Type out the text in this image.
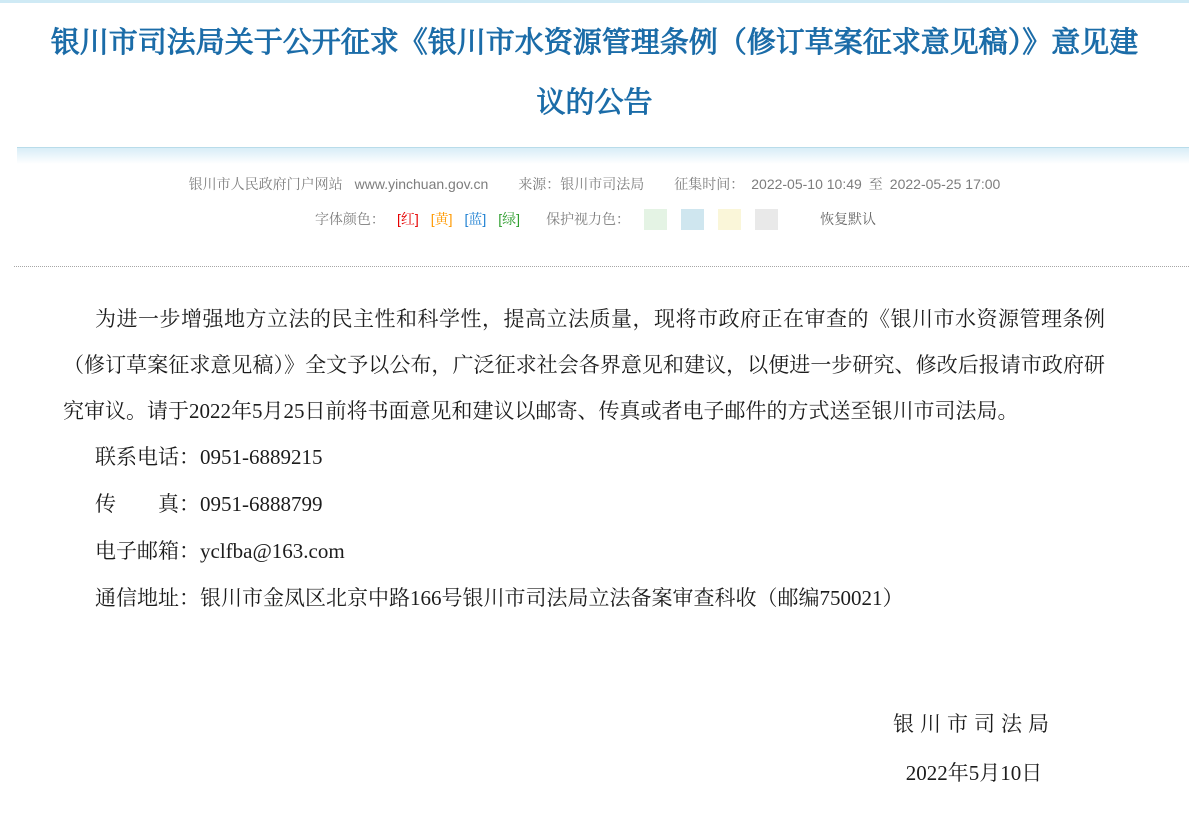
银川市司法局关于公开征求《银川市水资源管理条例（修订草案征求意见稿）》意见建
议的公告
银川市人民政府门户网站 www.yinchuan.gov.cn 来源：银川市司法局 征集时间： 2022-05-10 10:49 至 2022-05-25 17:00
字体颜色： [红] [黄] [蓝] [绿] 保护视力色：	恢复默认

为进一步增强地方立法的民主性和科学性，提高立法质量，现将市政府正在审查的《银川市水资源管理条例（修订草案征求意见稿）》全文予以公布，广泛征求社会各界意见和建议，以便进一步研究、修改后报请市政府研究审议。请于2022年5月25日前将书面意见和建议以邮寄、传真或者电子邮件的方式送至银川市司法局。

联系电话：0951-6889215
传　　真：0951-6888799
电子邮箱：yclfba@163.com
通信地址：银川市金凤区北京中路166号银川市司法局立法备案审查科收（邮编750021）
银川市司法局
2022年5月10日
